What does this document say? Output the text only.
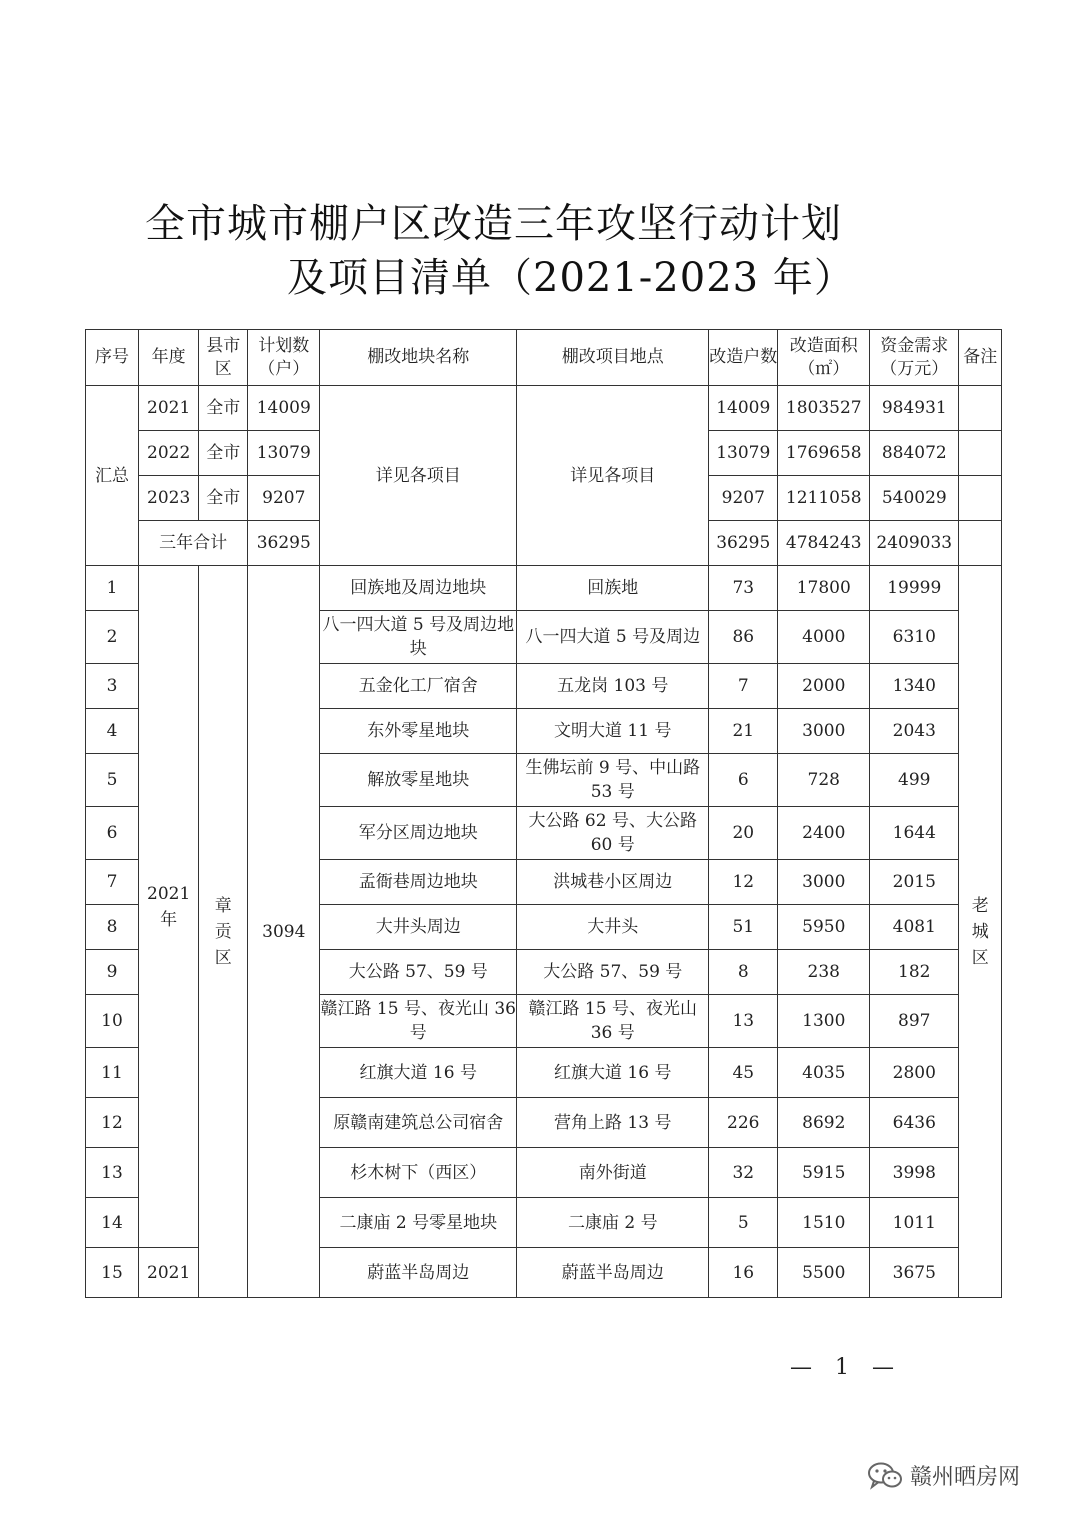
全市城市棚户区改造三年攻坚行动计划
及项目清单（2021-2023 年）
序号	年度	县市区	计划数（户）	棚改地块名称	棚改项目地点	改造户数	改造面积（㎡）	资金需求（万元）	备注
汇总	2021	全市	14009	详见各项目	详见各项目	14009	1803527	984931	
	2022	全市	13079			13079	1769658	884072	
	2023	全市	9207			9207	1211058	540029	
	三年合计		36295			36295	4784243	2409033	
1	2021年	章贡区	3094	回族地及周边地块	回族地	73	17800	19999	老城区
2				八一四大道 5 号及周边地块	八一四大道 5 号及周边	86	4000	6310	
3				五金化工厂宿舍	五龙岗 103 号	7	2000	1340	
4				东外零星地块	文明大道 11 号	21	3000	2043	
5				解放零星地块	生佛坛前 9 号、中山路 53 号	6	728	499	
6				军分区周边地块	大公路 62 号、大公路 60 号	20	2400	1644	
7				孟衙巷周边地块	洪城巷小区周边	12	3000	2015	
8				大井头周边	大井头	51	5950	4081	
9				大公路 57、59 号	大公路 57、59 号	8	238	182	
10				赣江路 15 号、夜光山 36 号	赣江路 15 号、夜光山 36 号	13	1300	897	
11				红旗大道 16 号	红旗大道 16 号	45	4035	2800	
12				原赣南建筑总公司宿舍	营角上路 13 号	226	8692	6436	
13				杉木树下（西区）	南外街道	32	5915	3998	
14				二康庙 2 号零星地块	二康庙 2 号	5	1510	1011	
15	2021			蔚蓝半岛周边	蔚蓝半岛周边	16	5500	3675	
— 1 —
赣州晒房网
